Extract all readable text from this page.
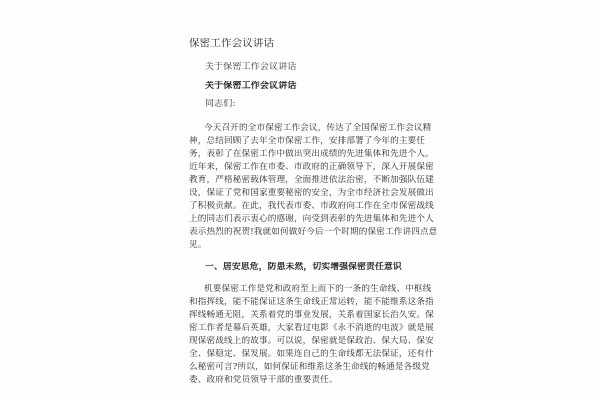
保密工作会议讲话
关于保密工作会议讲话
关于保密工作会议讲话
同志们:
今天召开的全市保密工作会议，传达了全国保密工作会议精
神，总结回顾了去年全市保密工作，安排部署了今年的主要任
务，表彰了在保密工作中做出突出成绩的先进集体和先进个人。
近年来，保密工作在市委、市政府的正确领导下，深入开展保密
教育，严格秘密载体管理，全面推进依法治密，不断加强队伍建
设，保证了党和国家重要秘密的安全，为全市经济社会发展做出
了积极贡献。在此，我代表市委、市政府向工作在全市保密战线
上的同志们表示衷心的感谢，向受到表彰的先进集体和先进个人
表示热烈的祝贺!我就如何做好今后一个时期的保密工作讲四点意
见。
一、居安思危，防患未然，切实增强保密责任意识
机要保密工作是党和政府至上而下的一条的生命线、中枢线
和指挥线，能不能保证这条生命线正常运转，能不能维系这条指
挥线畅通无阻，关系着党的事业发展，关系着国家长治久安。保
密工作者是幕后英雄，大家看过电影《永不消逝的电波》就是展
现保密战线上的故事。可以说，保密就是保政治、保大局、保安
全、保稳定、保发展。如果连自己的生命线都无法保证，还有什
么秘密可言?所以，如何保证和维系这条生命线的畅通是各级党
委、政府和党员领导干部的重要责任。
